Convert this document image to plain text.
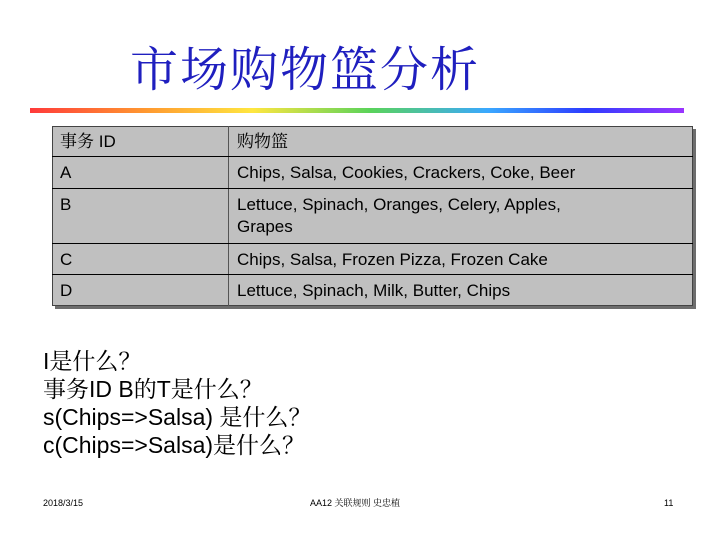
市场购物篮分析
事务 ID	购物篮
A	Chips, Salsa, Cookies, Crackers, Coke, Beer
B	Lettuce, Spinach, Oranges, Celery, Apples,
Grapes
C	Chips, Salsa, Frozen Pizza, Frozen Cake
D	Lettuce, Spinach, Milk, Butter, Chips
I是什么？
事务ID B的T是什么？
s(Chips=>Salsa) 是什么？
c(Chips=>Salsa)是什么？
2018/3/15	AA12 关联规则 史忠植	11
